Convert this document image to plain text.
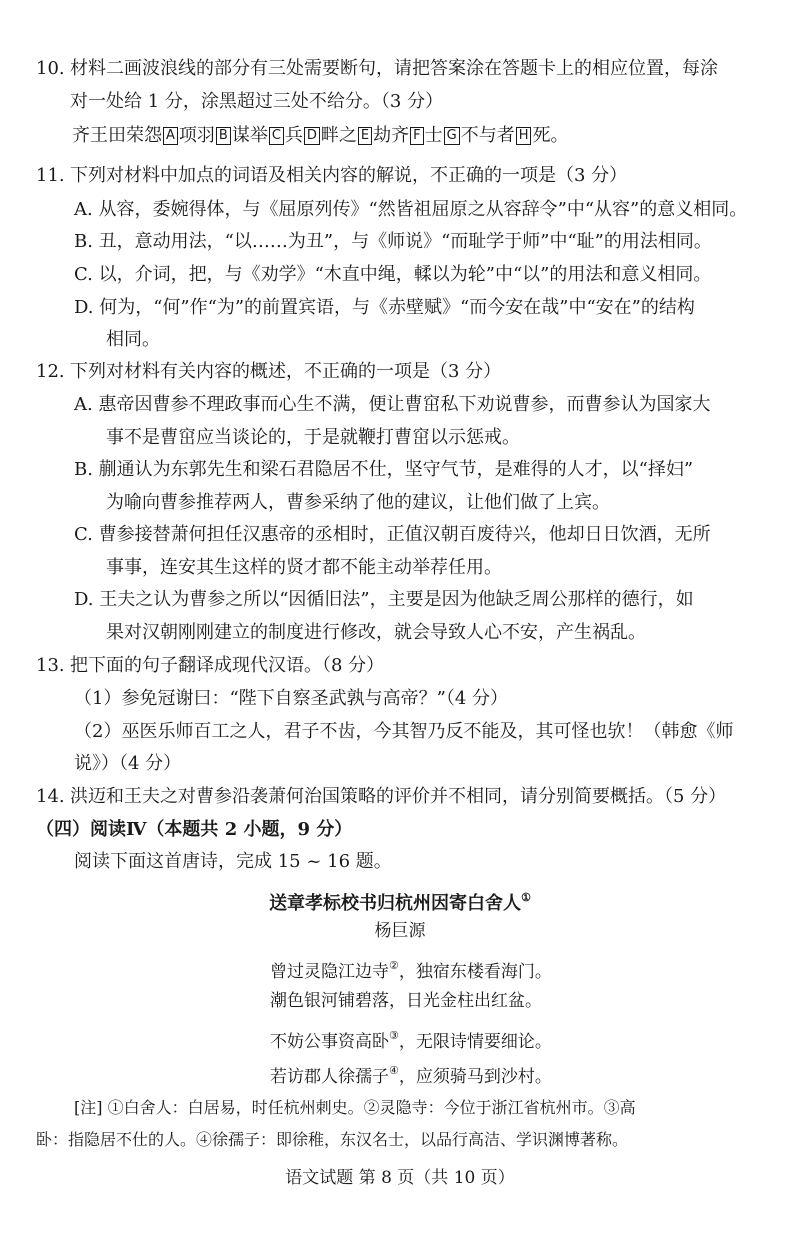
10. 材料二画波浪线的部分有三处需要断句，请把答案涂在答题卡上的相应位置，每涂
对一处给 1 分，涂黑超过三处不给分。（3 分）
齐王田荣怨 A 项羽 B 谋举 C 兵 D 畔之 E 劫齐 F 士 G 不与者 H 死。
11. 下列对材料中加点的词语及相关内容的解说，不正确的一项是（3 分）
A. 从容，委婉得体，与《屈原列传》“然皆祖屈原之从容辞令”中“从容”的意义相同。
B. 丑，意动用法，“以……为丑”，与《师说》“而耻学于师”中“耻”的用法相同。
C. 以，介词，把，与《劝学》“木直中绳，輮以为轮”中“以”的用法和意义相同。
D. 何为，“何”作“为”的前置宾语，与《赤壁赋》“而今安在哉”中“安在”的结构
相同。
12. 下列对材料有关内容的概述，不正确的一项是（3 分）
A. 惠帝因曹参不理政事而心生不满，便让曹窋私下劝说曹参，而曹参认为国家大
事不是曹窋应当谈论的，于是就鞭打曹窋以示惩戒。
B. 蒯通认为东郭先生和梁石君隐居不仕，坚守气节，是难得的人才，以“择妇”
为喻向曹参推荐两人，曹参采纳了他的建议，让他们做了上宾。
C. 曹参接替萧何担任汉惠帝的丞相时，正值汉朝百废待兴，他却日日饮酒，无所
事事，连安其生这样的贤才都不能主动举荐任用。
D. 王夫之认为曹参之所以“因循旧法”，主要是因为他缺乏周公那样的德行，如
果对汉朝刚刚建立的制度进行修改，就会导致人心不安，产生祸乱。
13. 把下面的句子翻译成现代汉语。（8 分）
（1）参免冠谢曰：“陛下自察圣武孰与高帝？”（4 分）
（2）巫医乐师百工之人，君子不齿，今其智乃反不能及，其可怪也欤！（韩愈《师
说》）（4 分）
14. 洪迈和王夫之对曹参沿袭萧何治国策略的评价并不相同，请分别简要概括。（5 分）
（四）阅读Ⅳ（本题共 2 小题，9 分）
阅读下面这首唐诗，完成 15 ~ 16 题。
送章孝标校书归杭州因寄白舍人①
杨巨源
曾过灵隐江边寺②，独宿东楼看海门。
潮色银河铺碧落，日光金柱出红盆。
不妨公事资高卧③，无限诗情要细论。
若访郡人徐孺子④，应须骑马到沙村。
[注] ①白舍人：白居易，时任杭州刺史。②灵隐寺：今位于浙江省杭州市。③高
卧：指隐居不仕的人。④徐孺子：即徐稚，东汉名士，以品行高洁、学识渊博著称。
语文试题 第 8 页（共 10 页）
